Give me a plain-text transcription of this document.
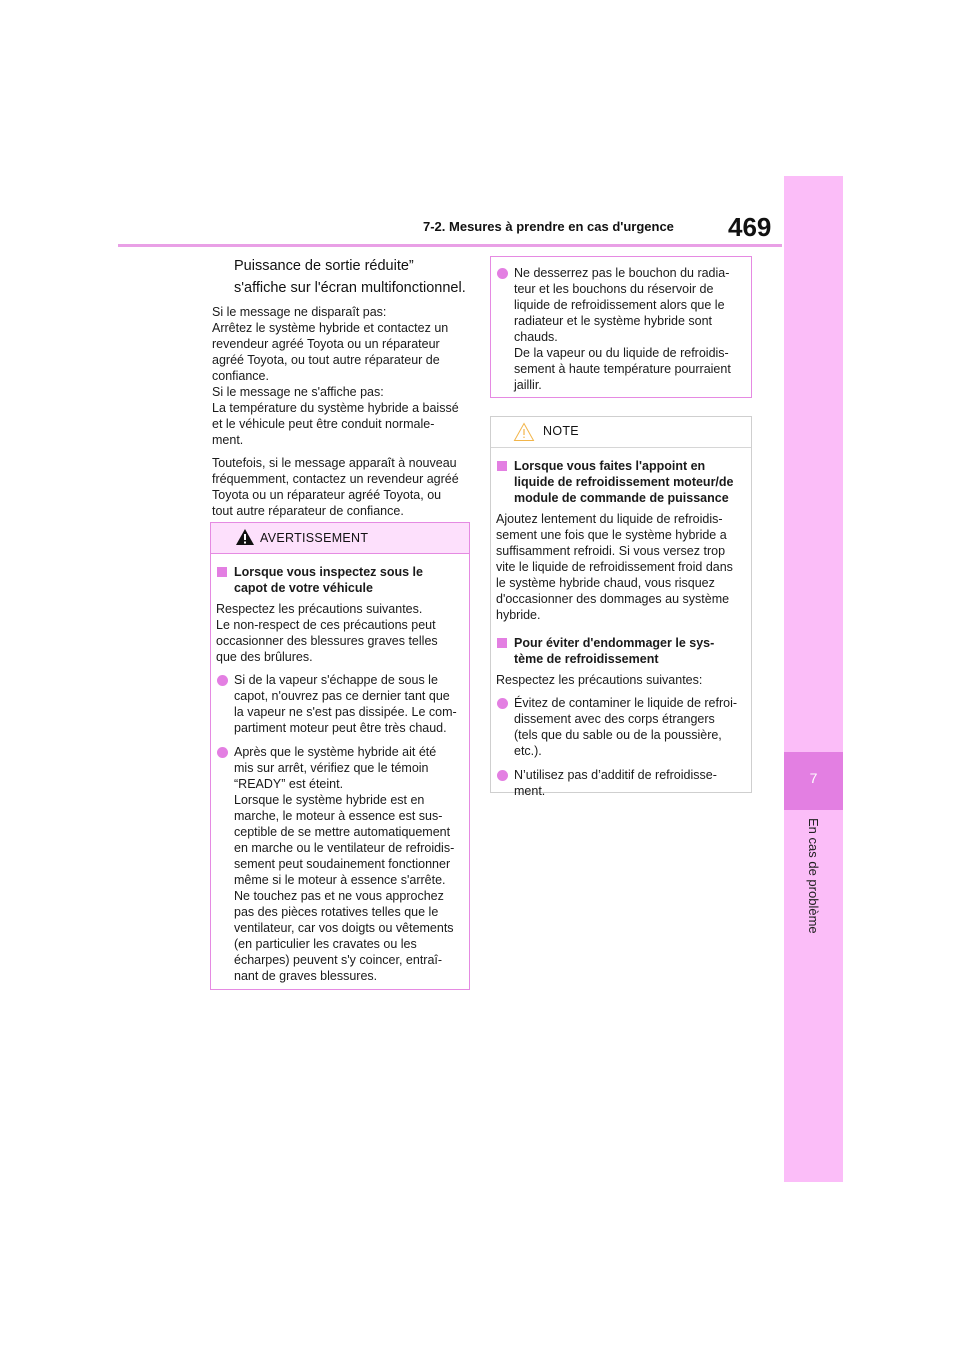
7-2. Mesures à prendre en cas d'urgence 469
7
En cas de problème
Puissance de sortie réduite”
s'affiche sur l'écran multifonctionnel.

Si le message ne disparaît pas:
Arrêtez le système hybride et contactez un
revendeur agréé Toyota ou un réparateur
agréé Toyota, ou tout autre réparateur de
confiance.
Si le message ne s'affiche pas:
La température du système hybride a baissé
et le véhicule peut être conduit normale-
ment.

Toutefois, si le message apparaît à nouveau
fréquemment, contactez un revendeur agréé
Toyota ou un réparateur agréé Toyota, ou
tout autre réparateur de confiance.

AVERTISSEMENT
Lorsque vous inspectez sous le
capot de votre véhicule

Respectez les précautions suivantes.
Le non-respect de ces précautions peut
occasionner des blessures graves telles
que des brûlures.

Si de la vapeur s'échappe de sous le
capot, n'ouvrez pas ce dernier tant que
la vapeur ne s'est pas dissipée. Le com-
partiment moteur peut être très chaud.
Après que le système hybride ait été
mis sur arrêt, vérifiez que le témoin
“READY” est éteint.
Lorsque le système hybride est en
marche, le moteur à essence est sus-
ceptible de se mettre automatiquement
en marche ou le ventilateur de refroidis-
sement peut soudainement fonctionner
même si le moteur à essence s'arrête.
Ne touchez pas et ne vous approchez
pas des pièces rotatives telles que le
ventilateur, car vos doigts ou vêtements
(en particulier les cravates ou les
écharpes) peuvent s'y coincer, entraî-
nant de graves blessures.
Ne desserrez pas le bouchon du radia-
teur et les bouchons du réservoir de
liquide de refroidissement alors que le
radiateur et le système hybride sont
chauds.
De la vapeur ou du liquide de refroidis-
sement à haute température pourraient
jaillir.
NOTE
Lorsque vous faites l'appoint en
liquide de refroidissement moteur/de
module de commande de puissance

Ajoutez lentement du liquide de refroidis-
sement une fois que le système hybride a
suffisamment refroidi. Si vous versez trop
vite le liquide de refroidissement froid dans
le système hybride chaud, vous risquez
d'occasionner des dommages au système
hybride.

Pour éviter d'endommager le sys-
tème de refroidissement

Respectez les précautions suivantes:

Évitez de contaminer le liquide de refroi-
dissement avec des corps étrangers
(tels que du sable ou de la poussière,
etc.).
N’utilisez pas d’additif de refroidisse-
ment.
